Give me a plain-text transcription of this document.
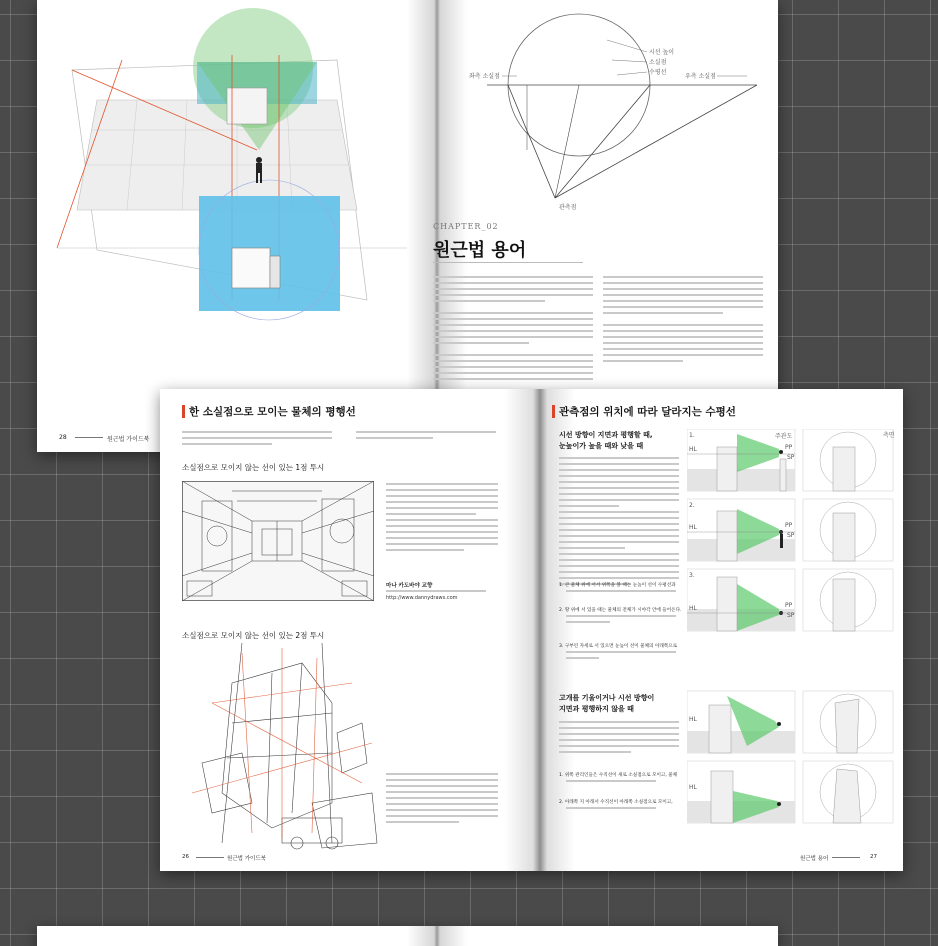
28	원근법 가이드북
시선 높이
소실점
수평선
좌측 소실점	우측 소실점
관측점
CHAPTER_02
원근법 용어
한 소실점으로 모이는 물체의 평행선
소실점으로 모이지 않는 선이 있는 1점 투시
마나 카도바야 교향
http://www.dannydraws.com
소실점으로 모이지 않는 선이 있는 2점 투시
26	원근법 가이드북
관측점의 위치에 따라 달라지는 수평선
시선 방향이 지면과 평행할 때,
눈높이가 높을 때와 낮을 때
1. 큰 물체 위에 서서 위쪽을 볼 때는 눈높이 선이 수평선과
2. 땅 위에 서 있을 때는 물체의 전체가 시야각 안에 들어온다.
3. 구부린 자세로 서 있으면 눈높이 선이 물체의 아래쪽으로
고개를 기울이거나 시선 방향이
지면과 평행하지 않을 때
1. 위쪽 관리인들은 수직선이 새로 소실점으로 모이고, 물체
2. 아래쪽 지 아래서 수직선이 아래쪽 소실점으로 모이고,
1.
HL
주관도
PP
SP
측면
2.
HL	PP
SP
3.
HL	PP
SP
HL
HL
원근법 용어	27
